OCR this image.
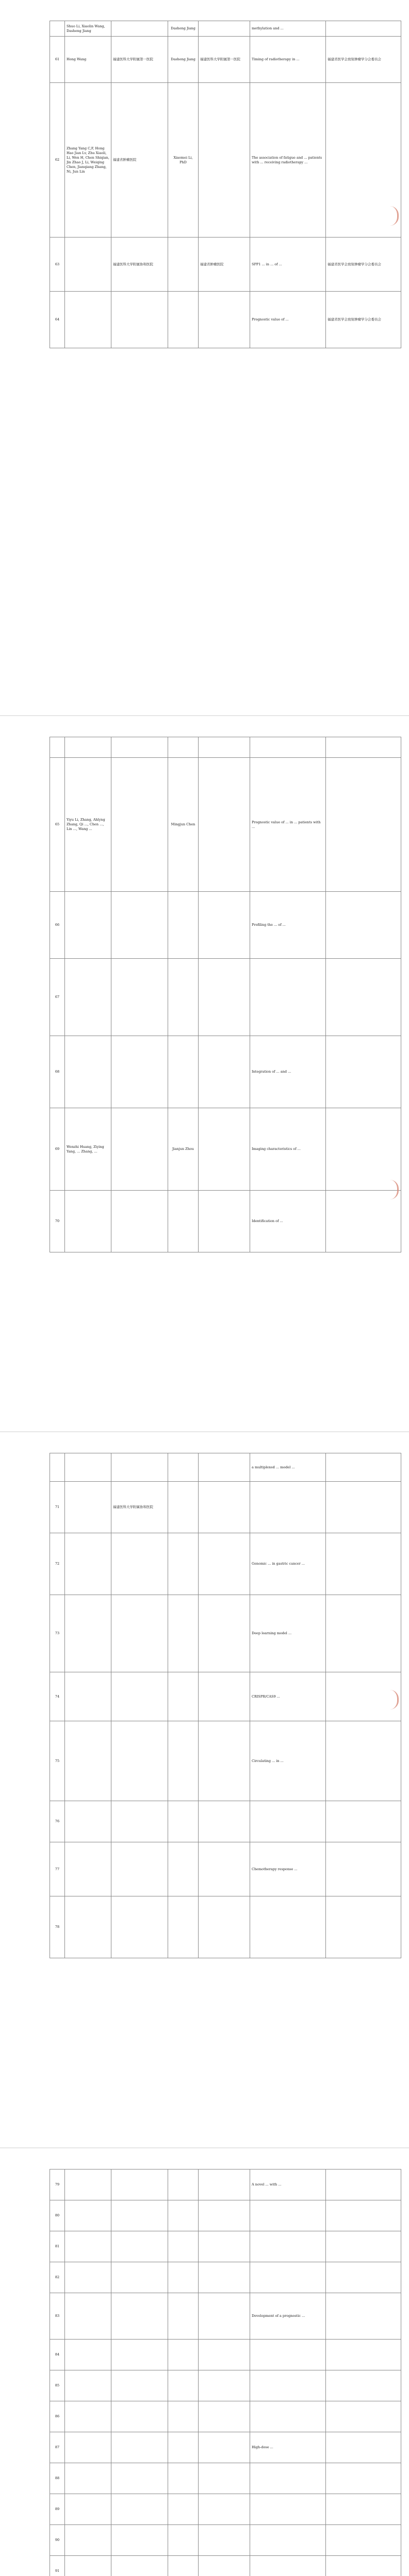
	Shuo Li, Xiaolin Wang, Dasheng Jiang		Dasheng Jiang		methylation and ...	
61	Hong Wang	福建医科大学附属第一医院	Dasheng Jiang	福建医科大学附属第一医院	Timing of radiotherapy in ...	福建省医学会放射肿瘤学分会委员会
62	Zhang Yang C,F, Hong Hao Jian Lv, Zhu Xiaoli, Li, Wen H, Chen Shiqian, Jin Zhao J, Li, Weiqing Chen, Jianqiang Zhang, Ni, Jun Lin	福建省肿瘤医院	Xiaomei Li, PhD		The association of fatigue and ... patients with ... receiving radiotherapy ...	
63		福建医科大学附属协和医院		福建省肿瘤医院	SPP1 ... in ... of ...	福建省医学会放射肿瘤学分会委员会
64					Prognostic value of ...	福建省医学会放射肿瘤学分会委员会

65	Yiyu Li, Zhang, Ahlyng Zhang, Qi ..., Chen ..., Lin ..., Wang ...		Mingjun Chen		Prognostic value of ... in ... patients with ...	
66					Profiling the ... of ...	
67						
68					Integration of ... and ...	
69	Wenzhi Huang, Ziying Yang, ... Zhang, ...		Jianjun Zhou		Imaging characteristics of ...	
70					Identification of ...	
					a multiplexed ... model ...	
71		福建医科大学附属协和医院				
72					Genomic ... in gastric cancer ...	
73					Deep learning model ...	
74					CRISPR/CAS9 ...	
75					Circulating ... in ...	
76						
77					Chemotherapy response ...	
78						
79					A novel ... with ...	
80						
81						
82						
83					Development of a prognostic ...	
84						
85						
86						
87					High-dose ...	
88						
89						
90						
91						
